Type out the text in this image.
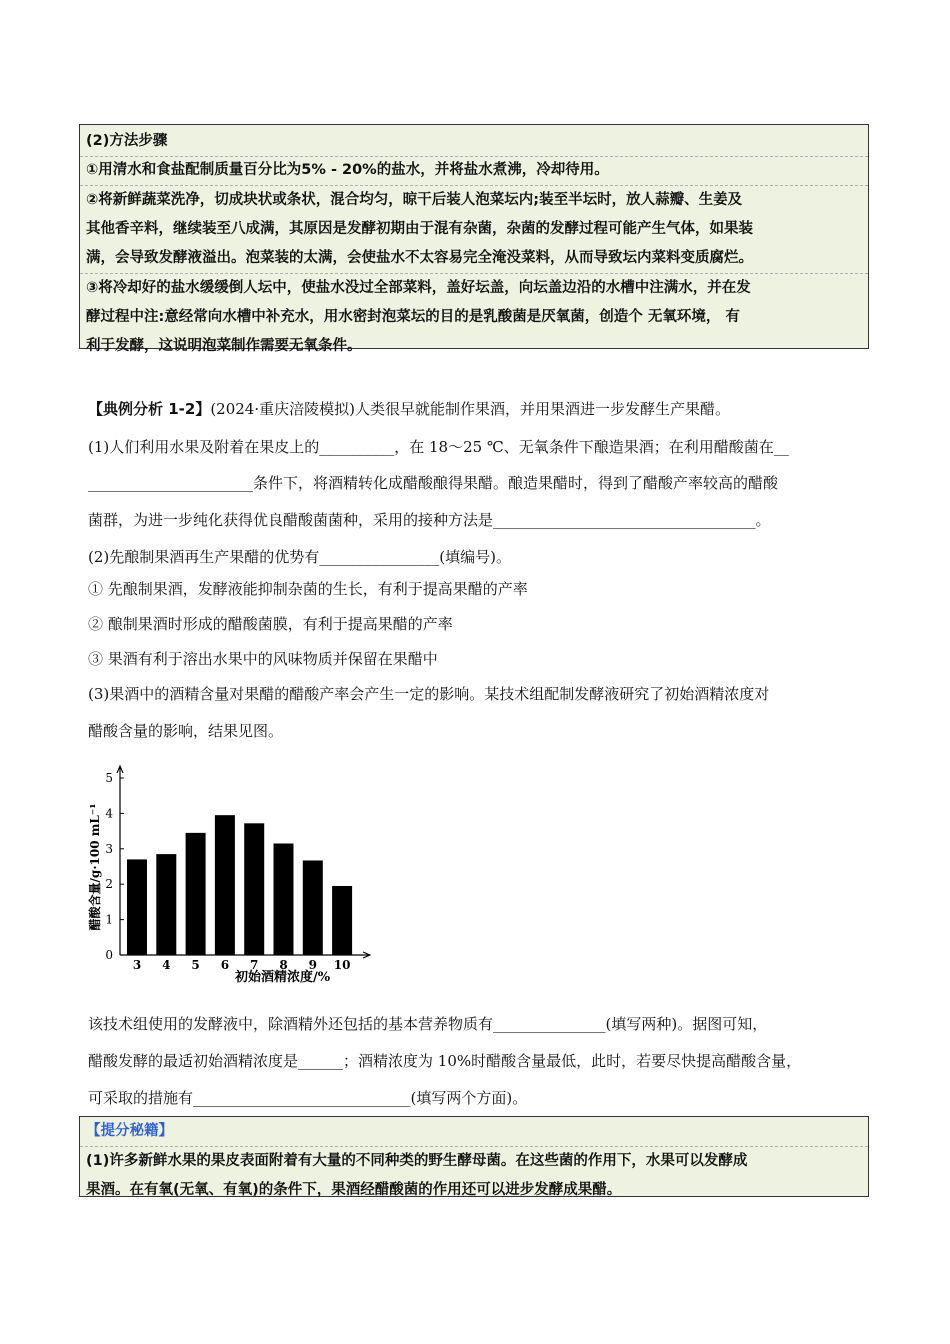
(2)方法步骤
①用清水和食盐配制质量百分比为5% - 20%的盐水，并将盐水煮沸，冷却待用。
②将新鲜蔬菜洗净，切成块状或条状，混合均匀，晾干后装人泡菜坛内;装至半坛时，放人蒜瓣、生姜及
其他香辛料，继续装至八成满，其原因是发酵初期由于混有杂菌，杂菌的发酵过程可能产生气体，如果装
满，会导致发酵液溢出。泡菜装的太满，会使盐水不太容易完全淹没菜料，从而导致坛内菜料变质腐烂。
③将冷却好的盐水缓缓倒人坛中，使盐水没过全部菜料，盖好坛盖，向坛盖边沿的水槽中注满水，并在发
酵过程中注:意经常向水槽中补充水，用水密封泡菜坛的目的是乳酸菌是厌氧菌，创造个 无氧环境， 有
利于发酵，这说明泡菜制作需要无氧条件。
【典例分析 1-2】(2024·重庆涪陵模拟)人类很早就能制作果酒，并用果酒进一步发酵生产果醋。
(1)人们利用水果及附着在果皮上的__________，在 18～25 ℃、无氧条件下酿造果酒；在利用醋酸菌在__
______________________条件下，将酒精转化成醋酸酿得果醋。酿造果醋时，得到了醋酸产率较高的醋酸
菌群，为进一步纯化获得优良醋酸菌菌种，采用的接种方法是___________________________________。
(2)先酿制果酒再生产果醋的优势有________________(填编号)。
① 先酿制果酒，发酵液能抑制杂菌的生长，有利于提高果醋的产率
② 酿制果酒时形成的醋酸菌膜，有利于提高果醋的产率
③ 果酒有利于溶出水果中的风味物质并保留在果醋中
(3)果酒中的酒精含量对果醋的醋酸产率会产生一定的影响。某技术组配制发酵液研究了初始酒精浓度对
醋酸含量的影响，结果见图。
该技术组使用的发酵液中，除酒精外还包括的基本营养物质有_______________(填写两种)。据图可知，
醋酸发酵的最适初始酒精浓度是______；酒精浓度为 10%时醋酸含量最低，此时，若要尽快提高醋酸含量，
可采取的措施有_____________________________(填写两个方面)。
0
1
2
3
4
5
3 4 5 6 7 8 9 10
初始酒精浓度/%
醋酸含量/g·100 mL⁻¹
【提分秘籍】
(1)许多新鲜水果的果皮表面附着有大量的不同种类的野生酵母菌。在这些菌的作用下，水果可以发酵成
果酒。在有氧(无氧、有氧)的条件下，果酒经醋酸菌的作用还可以进步发酵成果醋。
